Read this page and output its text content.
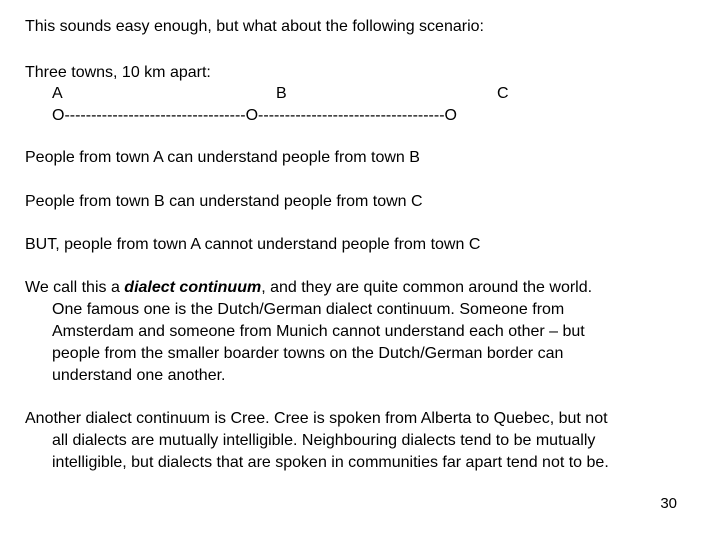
This sounds easy enough, but what about the following scenario:
Three towns, 10 km apart:
A	B	C
O----------------------------------O-----------------------------------O
People from town A can understand people from town B
People from town B can understand people from town C
BUT, people from town A cannot understand people from town C
We call this a dialect continuum, and they are quite common around the world.
One famous one is the Dutch/German dialect continuum. Someone from
Amsterdam and someone from Munich cannot understand each other – but
people from the smaller boarder towns on the Dutch/German border can
understand one another.
Another dialect continuum is Cree. Cree is spoken from Alberta to Quebec, but not
all dialects are mutually intelligible. Neighbouring dialects tend to be mutually
intelligible, but dialects that are spoken in communities far apart tend not to be.
30
